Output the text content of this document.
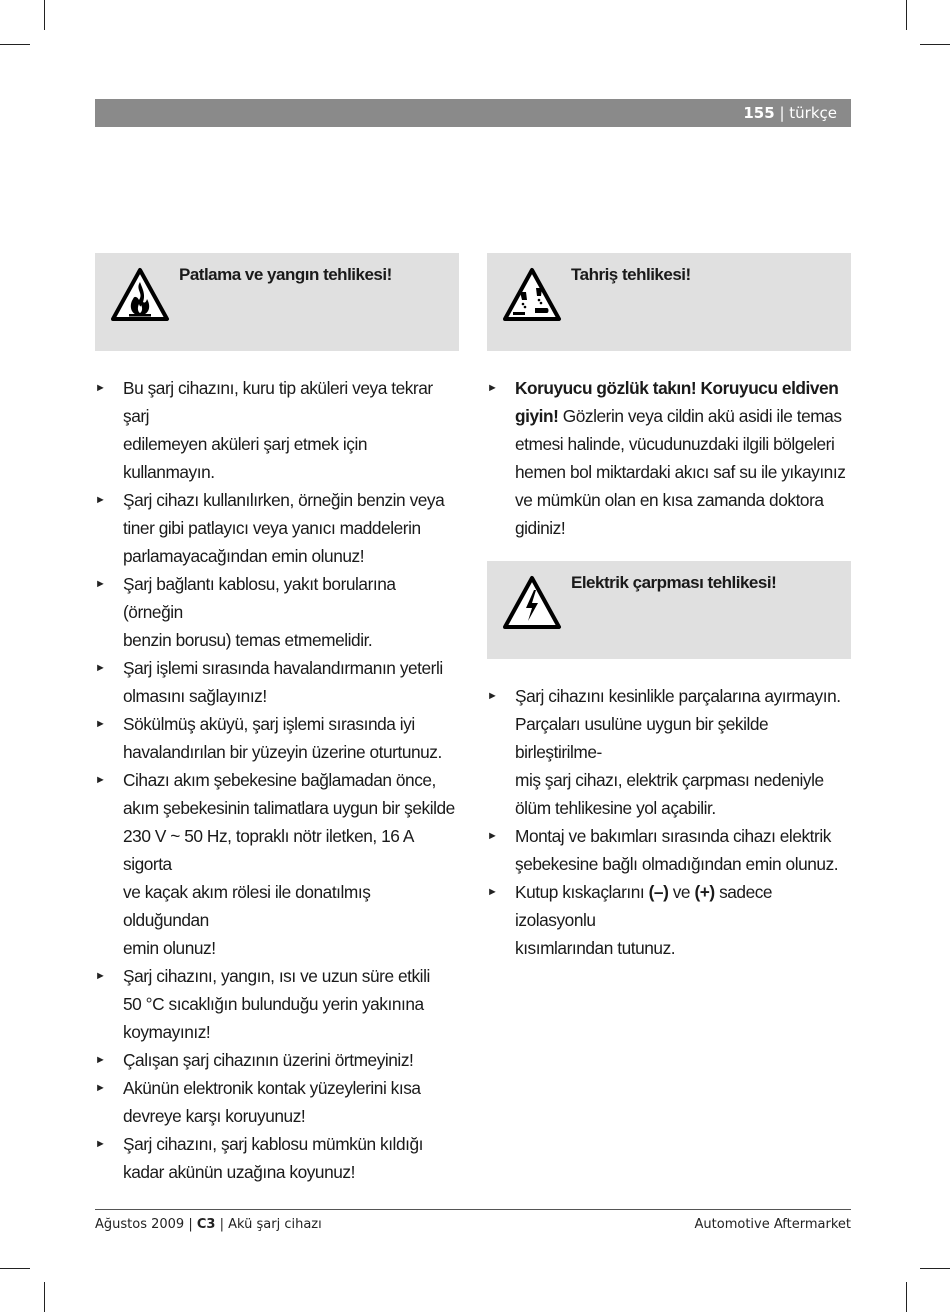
155 | türkçe
Patlama ve yangın tehlikesi!
► Bu şarj cihazını, kuru tip aküleri veya tekrar şarj
edilemeyen aküleri şarj etmek için kullanmayın.
► Şarj cihazı kullanılırken, örneğin benzin veya
tiner gibi patlayıcı veya yanıcı maddelerin
parlamayacağından emin olunuz!
► Şarj bağlantı kablosu, yakıt borularına (örneğin
benzin borusu) temas etmemelidir.
► Şarj işlemi sırasında havalandırmanın yeterli
olmasını sağlayınız!
► Sökülmüş aküyü, şarj işlemi sırasında iyi
havalandırılan bir yüzeyin üzerine oturtunuz.
► Cihazı akım şebekesine bağlamadan önce,
akım şebekesinin talimatlara uygun bir şekilde
230 V ~ 50 Hz, topraklı nötr iletken, 16 A sigorta
ve kaçak akım rölesi ile donatılmış olduğundan
emin olunuz!
► Şarj cihazını, yangın, ısı ve uzun süre etkili
50 °C sıcaklığın bulunduğu yerin yakınına
koymayınız!
► Çalışan şarj cihazının üzerini örtmeyiniz!
► Akünün elektronik kontak yüzeylerini kısa
devreye karşı koruyunuz!
► Şarj cihazını, şarj kablosu mümkün kıldığı
kadar akünün uzağına koyunuz!
Tahriş tehlikesi!
► Koruyucu gözlük takın! Koruyucu eldiven
giyin! Gözlerin veya cildin akü asidi ile temas
etmesi halinde, vücudunuzdaki ilgili bölgeleri
hemen bol miktardaki akıcı saf su ile yıkayınız
ve mümkün olan en kısa zamanda doktora
gidiniz!
Elektrik çarpması tehlikesi!
► Şarj cihazını kesinlikle parçalarına ayırmayın.
Parçaları usulüne uygun bir şekilde birleştirilme-
miş şarj cihazı, elektrik çarpması nedeniyle
ölüm tehlikesine yol açabilir.
► Montaj ve bakımları sırasında cihazı elektrik
şebekesine bağlı olmadığından emin olunuz.
► Kutup kıskaçlarını (–) ve (+) sadece izolasyonlu
kısımlarından tutunuz.
Ağustos 2009 | C3 | Akü şarj cihazı	Automotive Aftermarket
